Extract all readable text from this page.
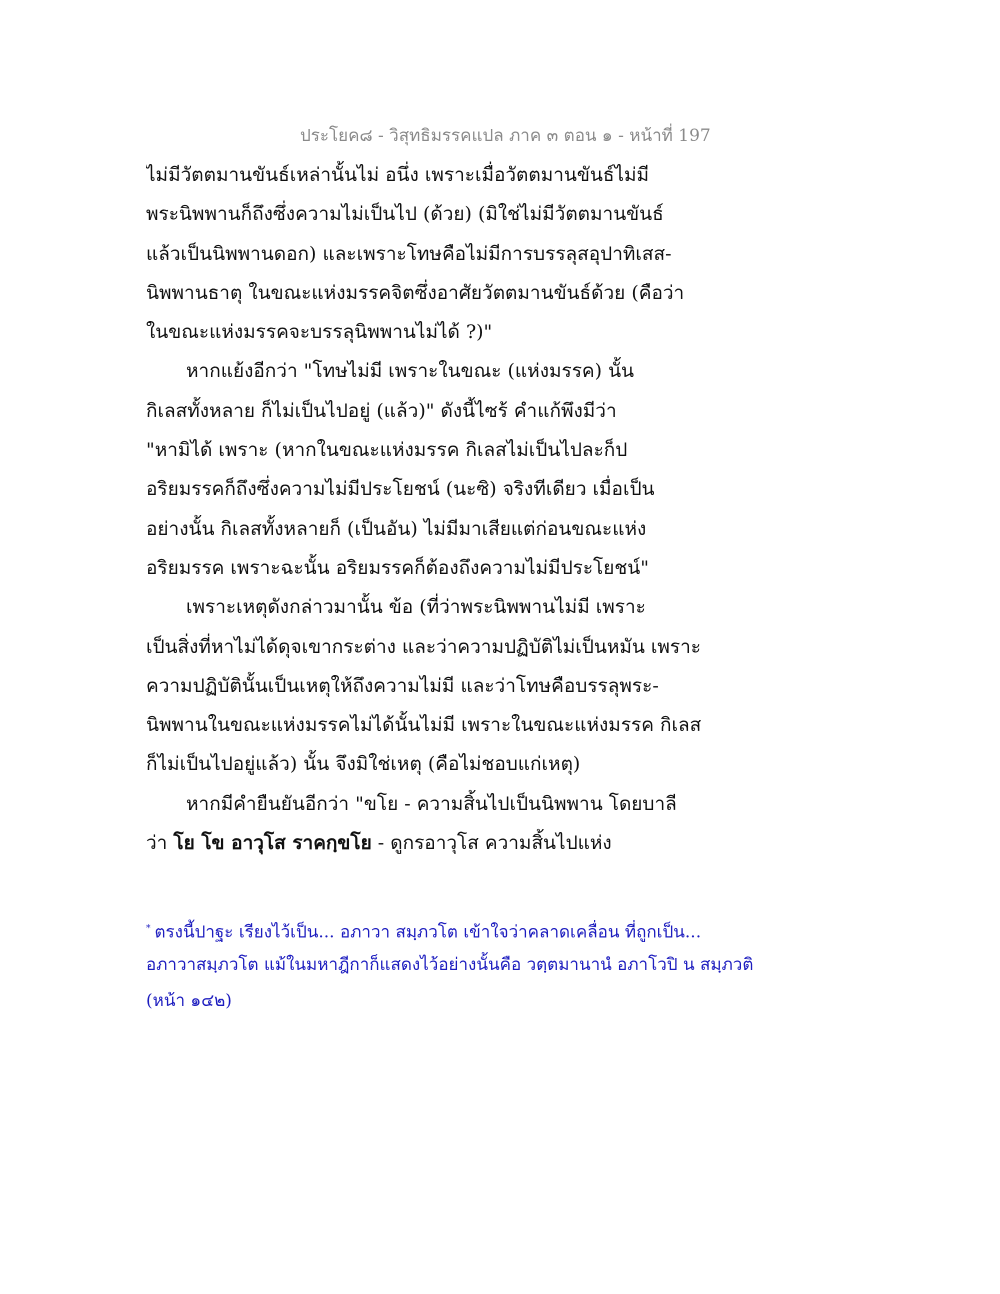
ประโยค๘ - วิสุทธิมรรคแปล ภาค ๓ ตอน ๑ - หน้าที่ 197
ไม่มีวัตตมานขันธ์เหล่านั้นไม่ อนึ่ง เพราะเมื่อวัตตมานขันธ์ไม่มี
พระนิพพานก็ถึงซึ่งความไม่เป็นไป (ด้วย) (มิใช่ไม่มีวัตตมานขันธ์
แล้วเป็นนิพพานดอก) และเพราะโทษคือไม่มีการบรรลุสอุปาทิเสส-
นิพพานธาตุ ในขณะแห่งมรรคจิตซึ่งอาศัยวัตตมานขันธ์ด้วย (คือว่า
ในขณะแห่งมรรคจะบรรลุนิพพานไม่ได้ ?)"
หากแย้งอีกว่า "โทษไม่มี เพราะในขณะ (แห่งมรรค) นั้น
กิเลสทั้งหลาย ก็ไม่เป็นไปอยู่ (แล้ว)" ดังนี้ไซร้ คำแก้พึงมีว่า
"หามิได้ เพราะ (หากในขณะแห่งมรรค กิเลสไม่เป็นไปละก็ป
อริยมรรคก็ถึงซึ่งความไม่มีประโยชน์ (นะซิ) จริงทีเดียว เมื่อเป็น
อย่างนั้น กิเลสทั้งหลายก็ (เป็นอัน) ไม่มีมาเสียแต่ก่อนขณะแห่ง
อริยมรรค เพราะฉะนั้น อริยมรรคก็ต้องถึงความไม่มีประโยชน์"
เพราะเหตุดังกล่าวมานั้น ข้อ (ที่ว่าพระนิพพานไม่มี เพราะ
เป็นสิ่งที่หาไม่ได้ดุจเขากระต่าง และว่าความปฏิบัติไม่เป็นหมัน เพราะ
ความปฏิบัตินั้นเป็นเหตุให้ถึงความไม่มี และว่าโทษคือบรรลุพระ-
นิพพานในขณะแห่งมรรคไม่ได้นั้นไม่มี เพราะในขณะแห่งมรรค กิเลส
ก็ไม่เป็นไปอยู่แล้ว) นั้น จึงมิใช่เหตุ (คือไม่ชอบแก่เหตุ)
หากมีคำยืนยันอีกว่า "ขโย - ความสิ้นไปเป็นนิพพาน โดยบาลี
ว่า โย โข อาวุโส ราคกฺขโย - ดูกรอาวุโส ความสิ้นไปแห่ง
* ตรงนี้ปาฐะ เรียงไว้เป็น... อภาวา สมฺภวโต เข้าใจว่าคลาดเคลื่อน ที่ถูกเป็น...
อภาวาสมฺภวโต แม้ในมหาฎีกาก็แสดงไว้อย่างนั้นคือ วตฺตมานานํ อภาโวปิ น สมฺภวติ
(หน้า ๑๔๒)
